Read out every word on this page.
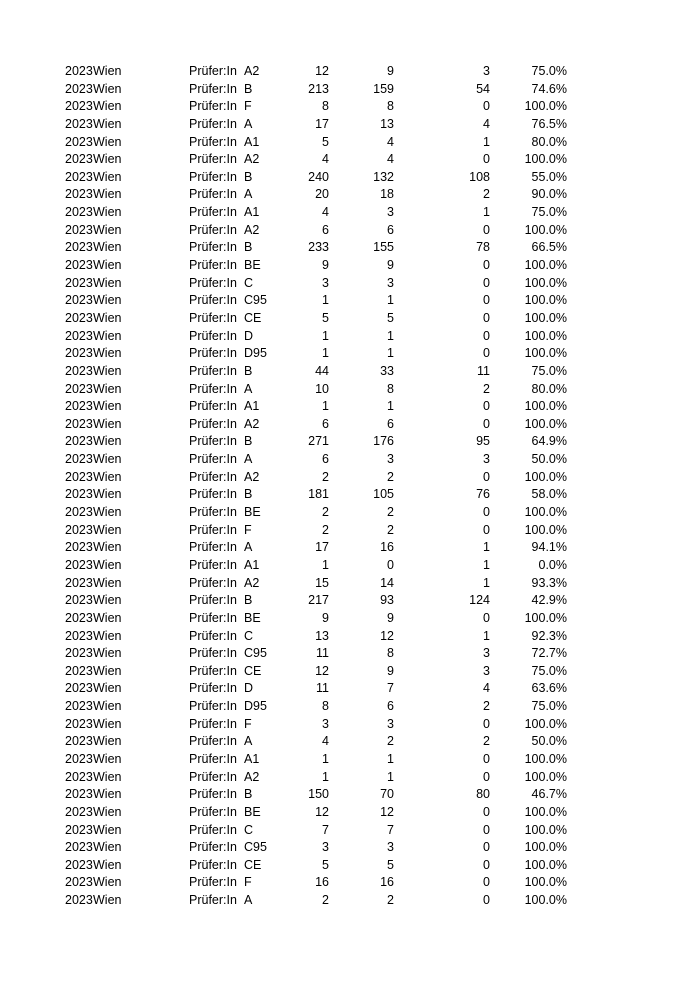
2023 Wien	Prüfer:In A2	12	9	3	75.0%
2023 Wien	Prüfer:In B	213	159	54	74.6%
2023 Wien	Prüfer:In F	8	8	0	100.0%
2023 Wien	Prüfer:In A	17	13	4	76.5%
2023 Wien	Prüfer:In A1	5	4	1	80.0%
2023 Wien	Prüfer:In A2	4	4	0	100.0%
2023 Wien	Prüfer:In B	240	132	108	55.0%
2023 Wien	Prüfer:In A	20	18	2	90.0%
2023 Wien	Prüfer:In A1	4	3	1	75.0%
2023 Wien	Prüfer:In A2	6	6	0	100.0%
2023 Wien	Prüfer:In B	233	155	78	66.5%
2023 Wien	Prüfer:In BE	9	9	0	100.0%
2023 Wien	Prüfer:In C	3	3	0	100.0%
2023 Wien	Prüfer:In C95	1	1	0	100.0%
2023 Wien	Prüfer:In CE	5	5	0	100.0%
2023 Wien	Prüfer:In D	1	1	0	100.0%
2023 Wien	Prüfer:In D95	1	1	0	100.0%
2023 Wien	Prüfer:In B	44	33	11	75.0%
2023 Wien	Prüfer:In A	10	8	2	80.0%
2023 Wien	Prüfer:In A1	1	1	0	100.0%
2023 Wien	Prüfer:In A2	6	6	0	100.0%
2023 Wien	Prüfer:In B	271	176	95	64.9%
2023 Wien	Prüfer:In A	6	3	3	50.0%
2023 Wien	Prüfer:In A2	2	2	0	100.0%
2023 Wien	Prüfer:In B	181	105	76	58.0%
2023 Wien	Prüfer:In BE	2	2	0	100.0%
2023 Wien	Prüfer:In F	2	2	0	100.0%
2023 Wien	Prüfer:In A	17	16	1	94.1%
2023 Wien	Prüfer:In A1	1	0	1	0.0%
2023 Wien	Prüfer:In A2	15	14	1	93.3%
2023 Wien	Prüfer:In B	217	93	124	42.9%
2023 Wien	Prüfer:In BE	9	9	0	100.0%
2023 Wien	Prüfer:In C	13	12	1	92.3%
2023 Wien	Prüfer:In C95	11	8	3	72.7%
2023 Wien	Prüfer:In CE	12	9	3	75.0%
2023 Wien	Prüfer:In D	11	7	4	63.6%
2023 Wien	Prüfer:In D95	8	6	2	75.0%
2023 Wien	Prüfer:In F	3	3	0	100.0%
2023 Wien	Prüfer:In A	4	2	2	50.0%
2023 Wien	Prüfer:In A1	1	1	0	100.0%
2023 Wien	Prüfer:In A2	1	1	0	100.0%
2023 Wien	Prüfer:In B	150	70	80	46.7%
2023 Wien	Prüfer:In BE	12	12	0	100.0%
2023 Wien	Prüfer:In C	7	7	0	100.0%
2023 Wien	Prüfer:In C95	3	3	0	100.0%
2023 Wien	Prüfer:In CE	5	5	0	100.0%
2023 Wien	Prüfer:In F	16	16	0	100.0%
2023 Wien	Prüfer:In A	2	2	0	100.0%
